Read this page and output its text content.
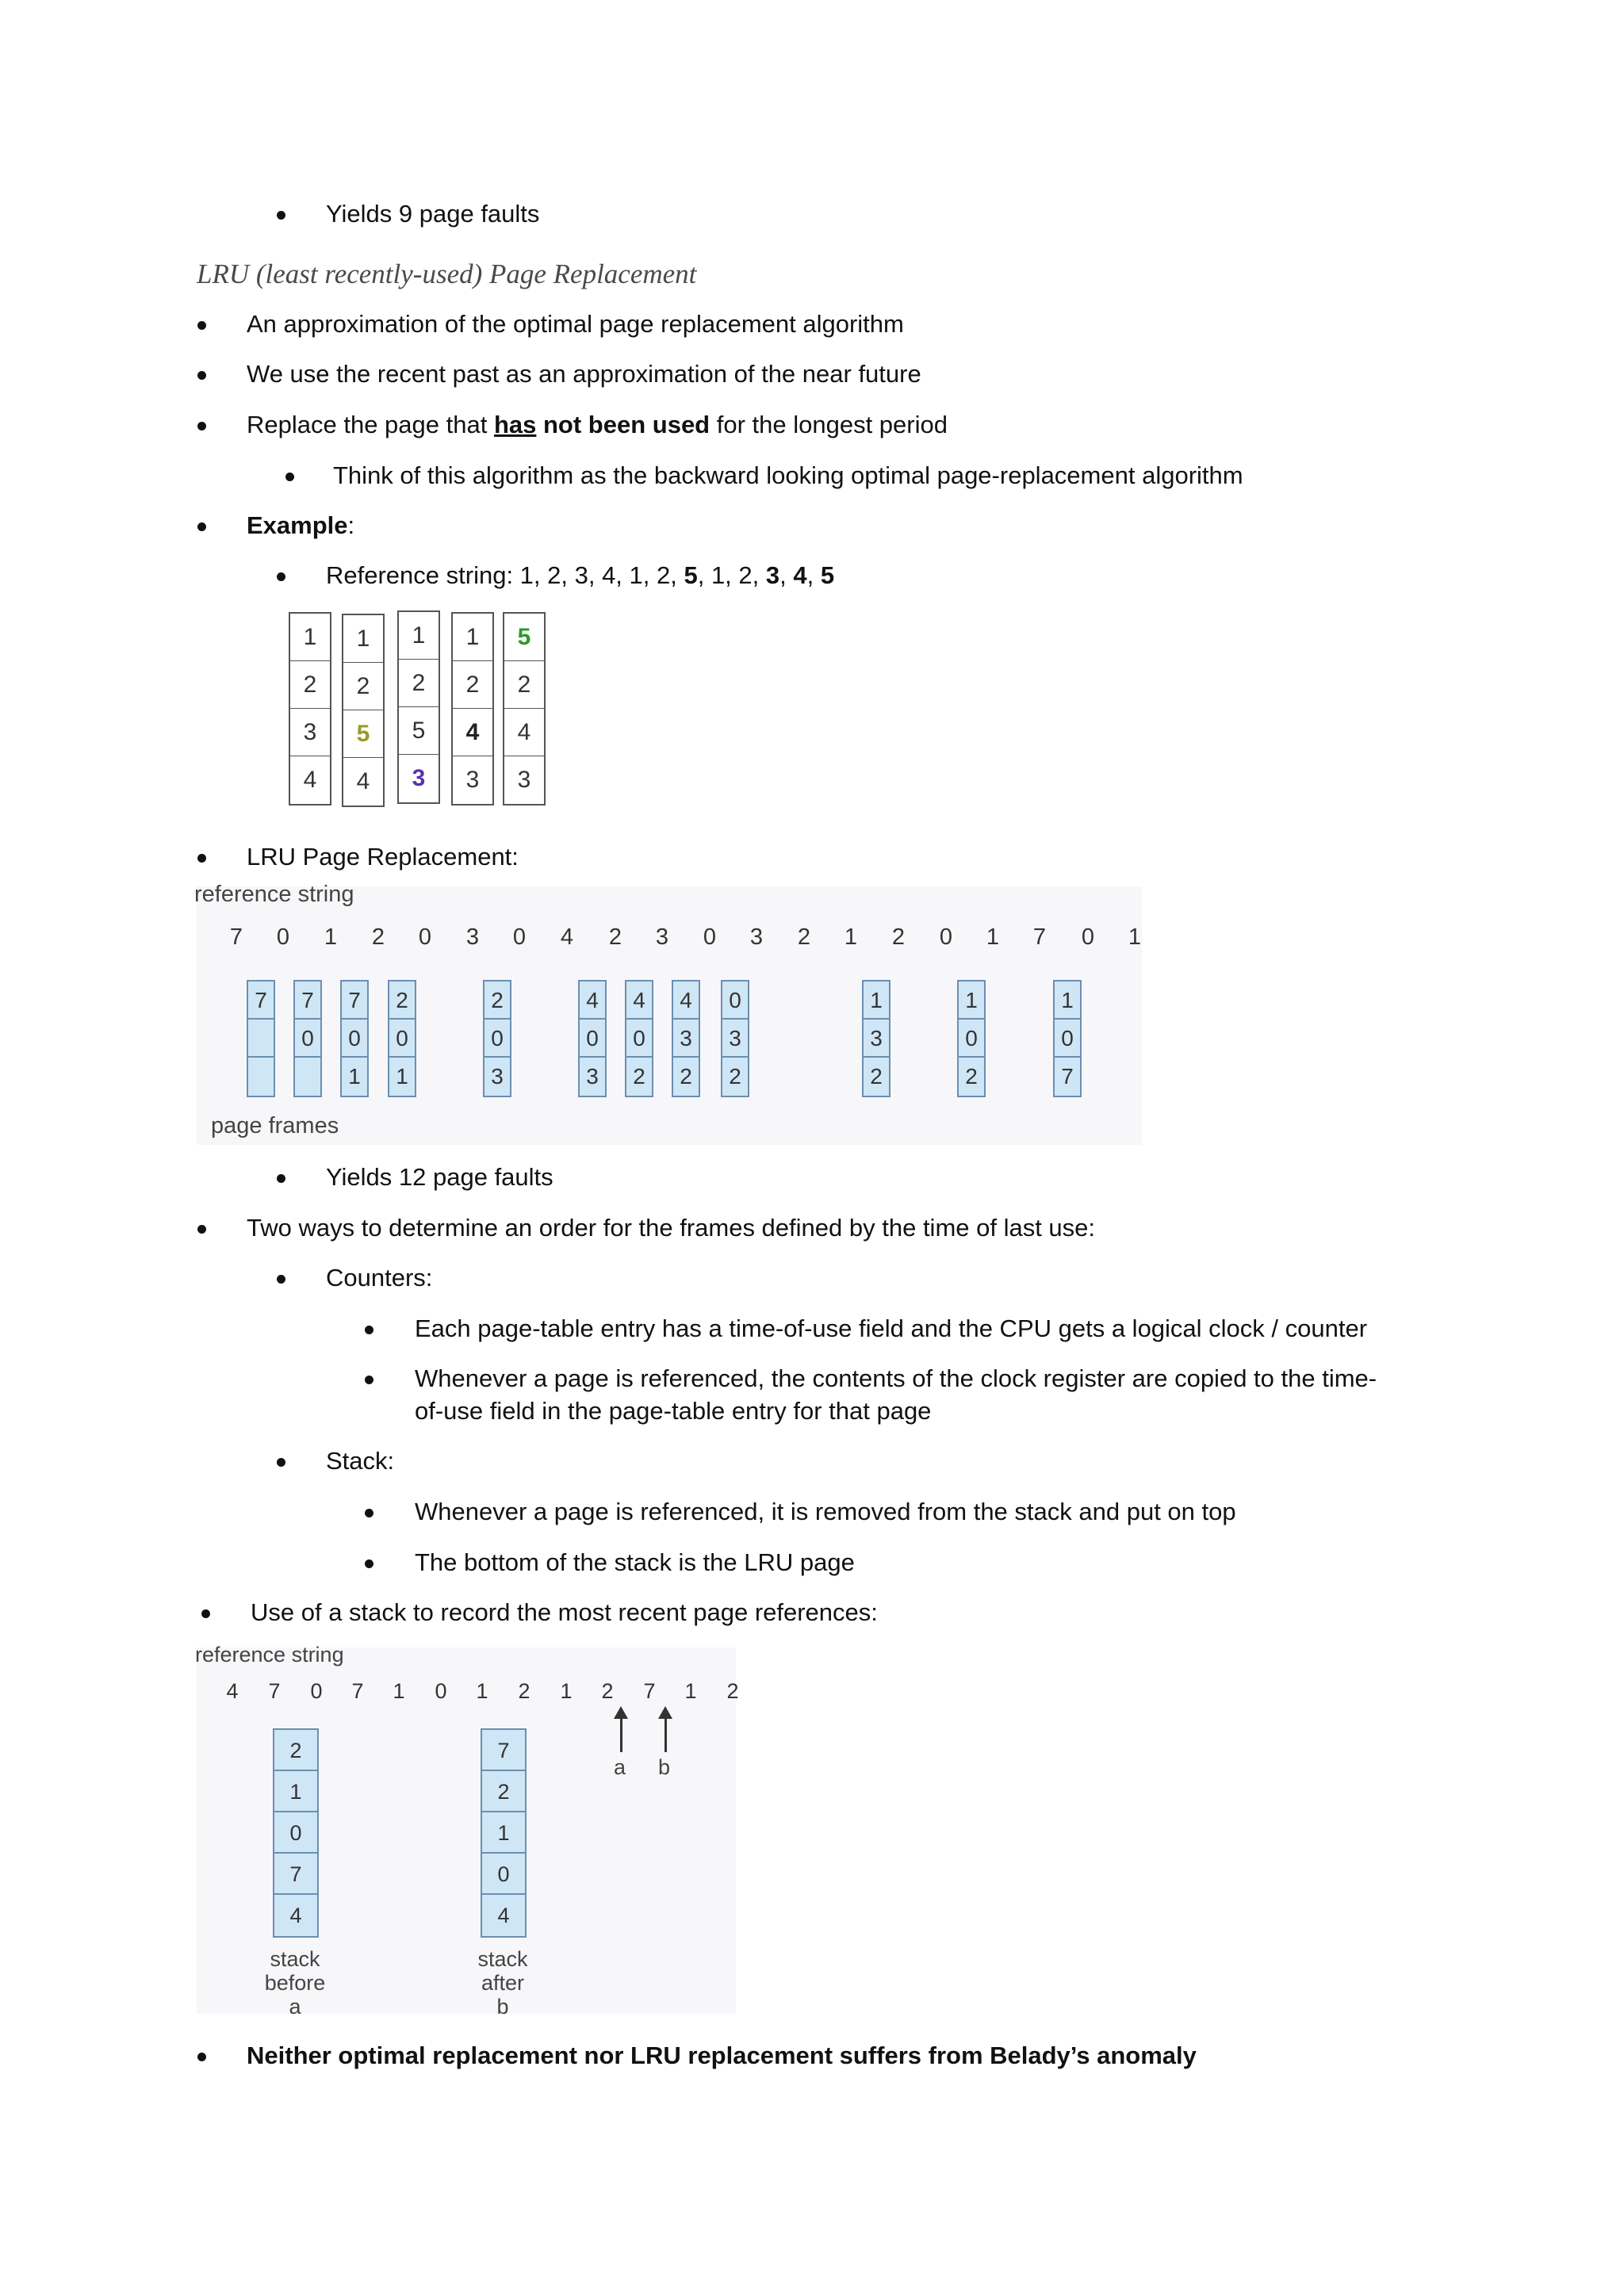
Yields 9 page faults
LRU (least recently-used) Page Replacement
An approximation of the optimal page replacement algorithm
We use the recent past as an approximation of the near future
Replace the page that has not been used for the longest period
Think of this algorithm as the backward looking optimal page-replacement algorithm
Example:
Reference string: 1, 2, 3, 4, 1, 2, 5, 1, 2, 3, 4, 5
1
2
3
4
1
2
5
4
1
2
5
3
1
2
4
3
5
2
4
3
LRU Page Replacement:
reference string
7 0 1 2 0 3 0 4 2 3 0 3 2 1 2 0 1 7 0 1
7 7
0
7
0
1
2
0
1
2
0
3
4
0
3
4
0
2
4
3
2
0
3
2
1
3
2
1
0
2
1
0
7
page frames
Yields 12 page faults
Two ways to determine an order for the frames defined by the time of last use:
Counters:
Each page-table entry has a time-of-use field and the CPU gets a logical clock / counter
Whenever a page is referenced, the contents of the clock register are copied to the time-
of-use field in the page-table entry for that page
Stack:
Whenever a page is referenced, it is removed from the stack and put on top
The bottom of the stack is the LRU page
Use of a stack to record the most recent page references:
reference string
4 7 0 7 1 0 1 2 1 2 7 1 2
2
1
0
7
4
7
2
1
0
4
stack
before
a
stack
after
b
a b
Neither optimal replacement nor LRU replacement suffers from Belady’s anomaly
